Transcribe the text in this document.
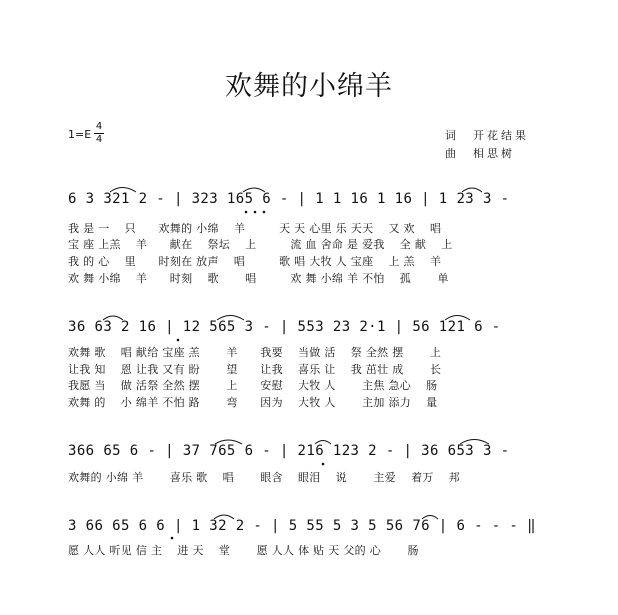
欢舞的小绵羊
1=E
4
4	词　开花结果
曲　相思树
6 3 321 2 - | 323 165 6 - | 1 1 16 1 16 | 1 23 3 -
我 是 一　 只　　欢舞的 小绵　 羊　　　天 天 心里 乐 天天　 又 欢　 唱
宝 座 上羔　 羊　　献在　 祭坛　 上　　　流 血 舍命 是 爱我　 全 献　 上
我 的 心　 里　　时刻在 放声　 唱　　　歌 唱 大牧 人 宝座　 上 羔　 羊
欢 舞 小绵　 羊　　时刻　 歌　　 唱　　　欢 舞 小绵 羊 不怕　 孤　　 单
36 63 2 16 | 12 565 3 - | 553 23 2·1 | 56 121 6 -
欢舞 歌　 唱 献给 宝座 羔　　 羊　　我要　 当做 活　 祭 全然 摆　　 上
让我 知　 恩 让我 又有 盼　　 望　　让我　 喜乐 让　 我 茁壮 成　　 长
我愿 当　 做 活祭 全然 摆　　 上　　安慰　 大牧 人　　 主焦 急心　 肠
欢舞 的　 小 绵羊 不怕 路　　 弯　　因为　 大牧 人　　 主加 添力　 量
366 65 6 - | 37 765 6 - | 216 123 2 - | 36 653 3 -
欢舞的 小绵 羊　　 喜乐 歌　 唱　　 眼含　 眼泪　 说　　 主爱　 着万　 邦
3 66 65 6 6 | 1 32 2 - | 5 55 5 3 5 56 76 | 6 - - - ‖
愿 人人 听见 信 主　 进 天　 堂　　 愿 人人 体 贴 天 父的 心　　 肠
